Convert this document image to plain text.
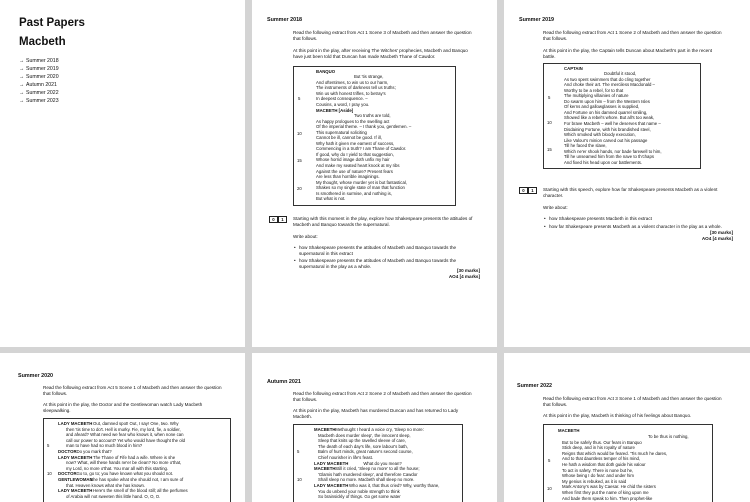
Past Papers
Macbeth
→ Summer 2018
→ Summer 2019
→ Summer 2020
→ Autumn 2021
→ Summer 2022
→ Summer 2023
Summer 2018
Read the following extract from Act 1 Scene 3 of Macbeth and then answer the question
that follows.
At this point in the play, after receiving The Witches' prophecies, Macbeth and Banquo
have just been told that Duncan has made Macbeth Thane of Cawdor.
BANQUO
But 'tis strange,
And oftentimes, to win us to our harm,
The instruments of darkness tell us truths;
Win us with honest trifles, to betray's
In deepest consequence. –
Cousins, a word, I pray you.
MACBETH [Aside]
Two truths are told,
As happy prologues to the swelling act
Of the imperial theme. – I thank you, gentlemen. –
This supernatural soliciting
Cannot be ill, cannot be good. If ill,
Why hath it given me earnest of success,
Commencing in a truth? I am Thane of Cawdor.
If good, why do I yield to that suggestion,
Whose horrid image doth unfix my hair
And make my seated heart knock at my ribs
Against the use of nature? Present fears
Are less than horrible imaginings.
My thought, whose murder yet is but fantastical,
Shakes so my single state of man that function
Is smothered in surmise, and nothing is,
But what is not.
5
10
15
20
0	1	Starting with this moment in the play, explore how Shakespeare presents the attitudes of
Macbeth and Banquo towards the supernatural.
Write about:
• how Shakespeare presents the attitudes of Macbeth and Banquo towards the
supernatural in this extract
• how Shakespeare presents the attitudes of Macbeth and Banquo towards the
supernatural in the play as a whole.
[30 marks]
AO4 [4 marks]
Summer 2019
Read the following extract from Act 1 Scene 2 of Macbeth and then answer the question
that follows.
At this point in the play, the Captain tells Duncan about Macbeth's part in the recent
battle.
CAPTAIN
Doubtful it stood,
As two spent swimmers that do cling together
And choke their art. The merciless Macdonald –
Worthy to be a rebel, for to that
The multiplying villainies of nature
Do swarm upon him – from the Western Isles
Of kerns and gallowglasses is supplied,
And Fortune on his damned quarrel smiling,
Showed like a rebel's whore. But all's too weak,
For brave Macbeth – well he deserves that name –
Disdaining Fortune, with his brandished steel,
Which smoked with bloody execution,
Like Valour's minion carved out his passage
Till he faced the slave,
Which ne'er shook hands, nor bade farewell to him,
Till he unseamed him from the nave to th'chaps
And fixed his head upon our battlements.
5
10
15
0	1	Starting with this speech, explore how far Shakespeare presents Macbeth as a violent
character.
Write about:
• how Shakespeare presents Macbeth in this extract
• how far Shakespeare presents Macbeth as a violent character in the play as a whole.
[30 marks]
AO4 [4 marks]
Summer 2020
Read the following extract from Act 5 Scene 1 of Macbeth and then answer the question
that follows.
At this point in the play, the Doctor and the Gentlewoman watch Lady Macbeth
sleepwalking.
LADY MACBETH Out, damned spot! Out, I say! One, two. Why
then 'tis time to do't. Hell is murky. Fie, my lord, fie, a soldier,
and afeard? What need we fear who knows it, when none can
call our power to account? Yet who would have thought the old
5	man to have had so much blood in him?
DOCTOR Do you mark that?
LADY MACBETH The Thane of Fife had a wife. Where is she
now? What, will these hands ne'er be clean? No more o'that,
my Lord, no more o'that. You mar all with this starting.
10 DOCTOR Go to, go to; you have known what you should not.
GENTLEWOMAN
She has spoke what she should not, I am sure of
that. Heaven knows what she has known.
LADY MACBETH Here's the smell of the blood still; all the perfumes
of Arabia will not sweeten this little hand. O, O, O.
Autumn 2021
Read the following extract from Act 2 Scene 2 of Macbeth and then answer the question
that follows.
At this point in the play, Macbeth has murdered Duncan and has returned to Lady
Macbeth.
MACBETH Methought I heard a voice cry, 'Sleep no more:
Macbeth does murder sleep', the innocent sleep,
Sleep that knits up the ravelled sleeve of care,
The death of each day's life, sore labour's bath,
5	Balm of hurt minds, great nature's second course,
Chief nourisher in life's feast.
LADY MACBETH What do you mean?
MACBETH Still it cried, 'Sleep no more' to all the house;
'Glamis hath murdered sleep', and therefore Cawdor
10	Shall sleep no more. Macbeth shall sleep no more.
LADY MACBETH Who was it, that thus cried? Why, worthy thane,
You do unbend your noble strength to think
So brainsickly of things. Go get some water
Summer 2022
Read the following extract from Act 3 Scene 1 of Macbeth and then answer the question
that follows.
At this point in the play, Macbeth is thinking of his feelings about Banquo.
MACBETH
To be thus is nothing,
But to be safely thus. Our fears in Banquo
Stick deep, and in his royalty of nature
Reigns that which would be feared. 'Tis much he dares,
And to that dauntless temper of his mind,
He hath a wisdom that doth guide his valour
To act in safety. There is none but he,
Whose being I do fear: and under him
My genius is rebuked, as it is said
Mark Antony's was by Caesar. He chid the sisters
When first they put the name of king upon me
And bade them speak to him. Then prophet-like
5
10
